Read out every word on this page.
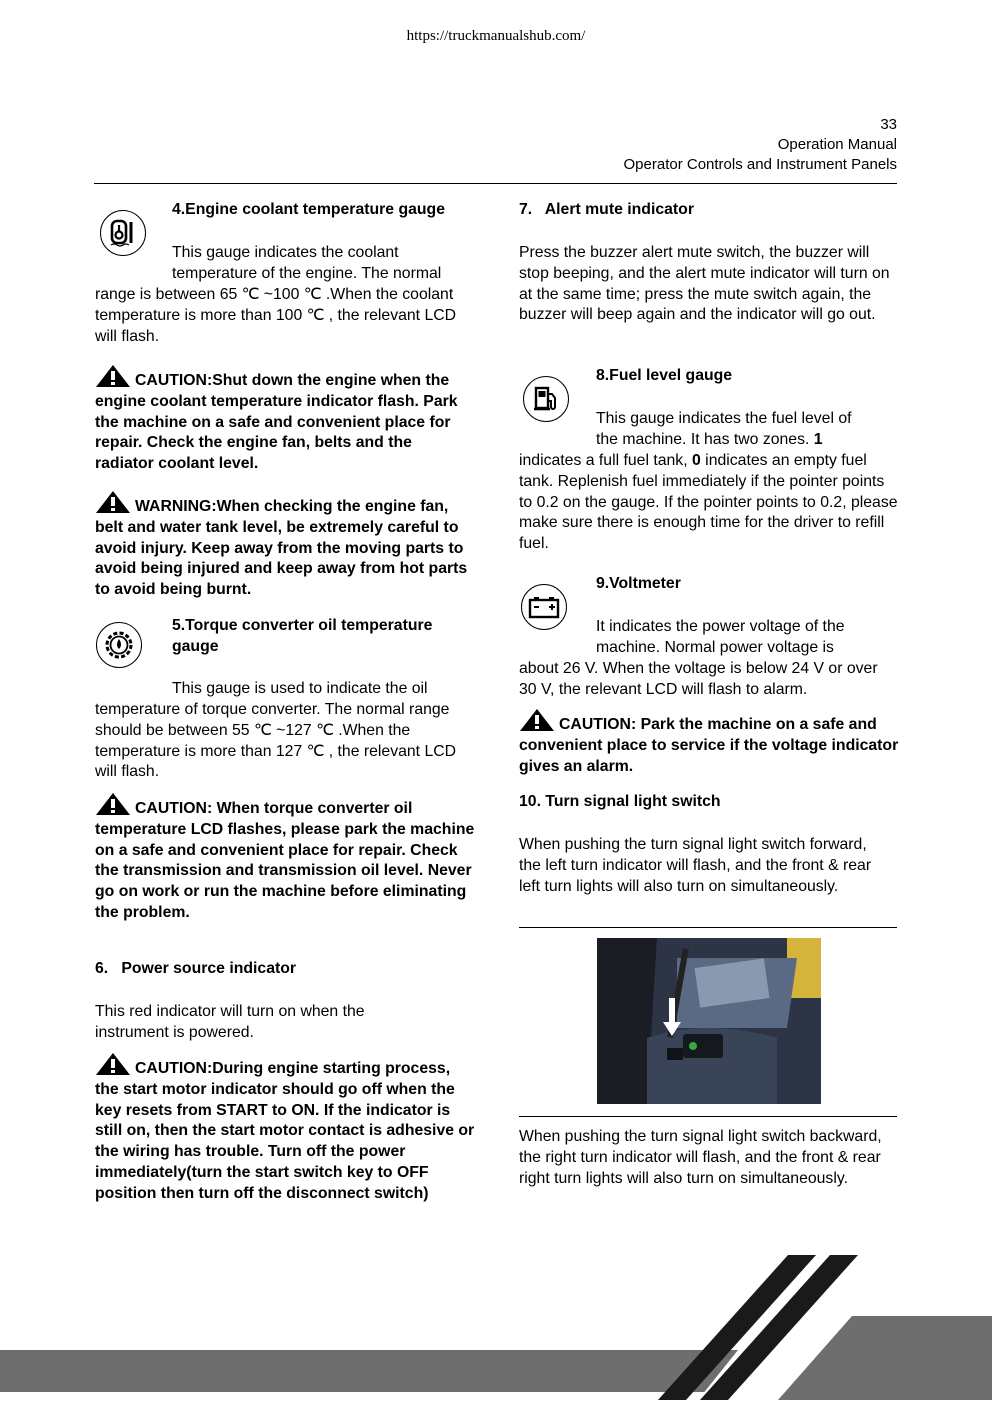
https://truckmanualshub.com/
33
Operation Manual
Operator Controls and Instrument Panels
4.Engine coolant temperature gauge
This gauge indicates the coolant
temperature of the engine. The normal
range is between 65 ℃ ~100 ℃ .When the coolant temperature is more than 100 ℃ , the relevant LCD will flash.
CAUTION:Shut down the engine when the engine coolant temperature indicator flash. Park the machine on a safe and convenient place for repair. Check the engine fan, belts and the radiator coolant level.
WARNING:When checking the engine fan, belt and water tank level, be extremely careful to avoid injury. Keep away from the moving parts to avoid being injured and keep away from hot parts to avoid being burnt.
5.Torque converter oil temperature gauge
This gauge is used to indicate the oil
temperature of torque converter. The normal range should be between 55 ℃ ~127 ℃ .When the temperature is more than 127 ℃ , the relevant LCD will flash.
CAUTION: When torque converter oil temperature LCD flashes, please park the machine on a safe and convenient place for repair. Check the transmission and transmission oil level. Never go on work or run the machine before eliminating the problem.
6.   Power source indicator
This red indicator will turn on when the instrument is powered.
CAUTION:During engine starting process, the start motor indicator should go off when the key resets from START to ON. If the indicator is still on, then the start motor contact is adhesive or the wiring has trouble. Turn off the power immediately(turn the start switch key to OFF position then turn off the disconnect switch)
7.   Alert mute indicator
Press the buzzer alert mute switch, the buzzer will stop beeping, and the alert mute indicator will turn on at the same time; press the mute switch again, the buzzer will beep again and the indicator will go out.
8.Fuel level gauge
This gauge indicates the fuel level of
the machine. It has two zones. 1
indicates a full fuel tank, 0 indicates an empty fuel tank. Replenish fuel immediately if the pointer points to 0.2 on the gauge. If the pointer points to 0.2, please make sure there is enough time for the driver to refill fuel.
9.Voltmeter
It indicates the power voltage of the
machine. Normal power voltage is
about 26 V. When the voltage is below 24 V or over 30 V, the relevant LCD will flash to alarm.
CAUTION: Park the machine on a safe and convenient place to service if the voltage indicator gives an alarm.
10. Turn signal light switch
When pushing the turn signal light switch forward, the left turn indicator will flash, and the front & rear left turn lights will also turn on simultaneously.
When pushing the turn signal light switch backward, the right turn indicator will flash, and the front & rear right turn lights will also turn on simultaneously.
